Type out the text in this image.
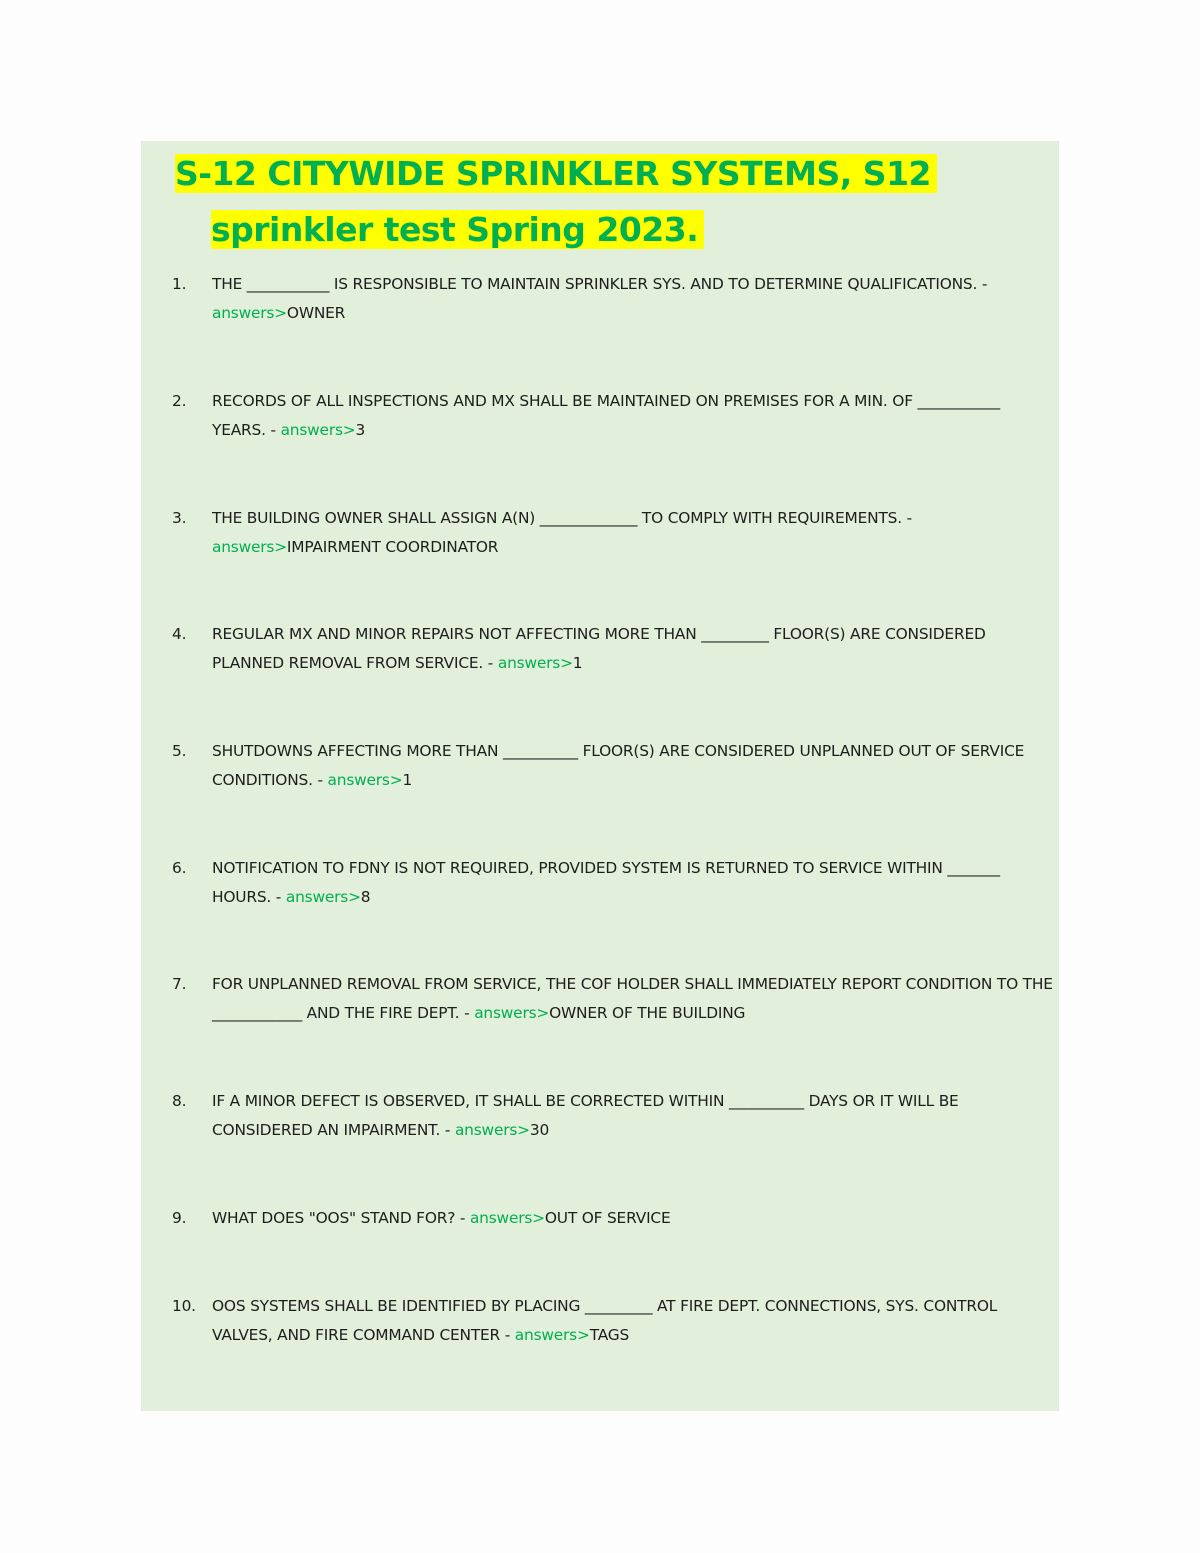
S-12 CITYWIDE SPRINKLER SYSTEMS, S12
sprinkler test Spring 2023.
1.	THE ___________ IS RESPONSIBLE TO MAINTAIN SPRINKLER SYS. AND TO DETERMINE QUALIFICATIONS. - answers>OWNER
2.	RECORDS OF ALL INSPECTIONS AND MX SHALL BE MAINTAINED ON PREMISES FOR A MIN. OF ___________ YEARS. - answers>3
3.	THE BUILDING OWNER SHALL ASSIGN A(N) _____________ TO COMPLY WITH REQUIREMENTS. - answers>IMPAIRMENT COORDINATOR
4.	REGULAR MX AND MINOR REPAIRS NOT AFFECTING MORE THAN _________ FLOOR(S) ARE CONSIDERED PLANNED REMOVAL FROM SERVICE. - answers>1
5.	SHUTDOWNS AFFECTING MORE THAN __________ FLOOR(S) ARE CONSIDERED UNPLANNED OUT OF SERVICE CONDITIONS. - answers>1
6.	NOTIFICATION TO FDNY IS NOT REQUIRED, PROVIDED SYSTEM IS RETURNED TO SERVICE WITHIN _______ HOURS. - answers>8
7.	FOR UNPLANNED REMOVAL FROM SERVICE, THE COF HOLDER SHALL IMMEDIATELY REPORT CONDITION TO THE ____________ AND THE FIRE DEPT. - answers>OWNER OF THE BUILDING
8.	IF A MINOR DEFECT IS OBSERVED, IT SHALL BE CORRECTED WITHIN __________ DAYS OR IT WILL BE CONSIDERED AN IMPAIRMENT. - answers>30
9.	WHAT DOES "OOS" STAND FOR? - answers>OUT OF SERVICE
10.	OOS SYSTEMS SHALL BE IDENTIFIED BY PLACING _________ AT FIRE DEPT. CONNECTIONS, SYS. CONTROL VALVES, AND FIRE COMMAND CENTER - answers>TAGS
